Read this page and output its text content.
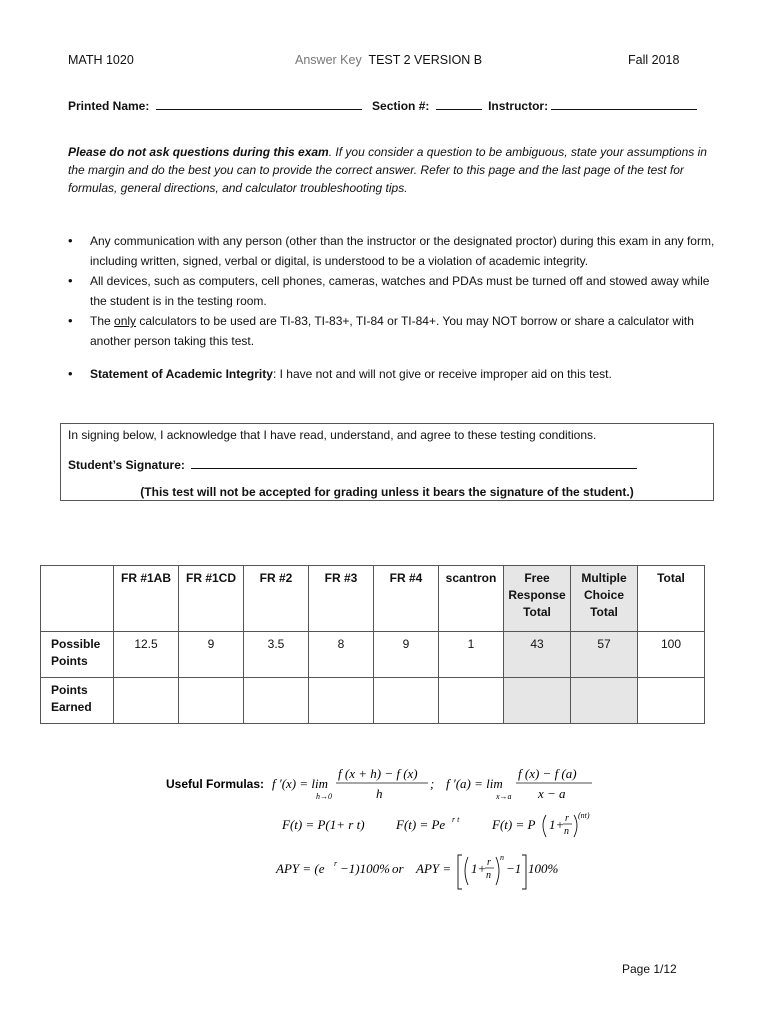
MATH 1020	Answer Key TEST 2 VERSION B	Fall 2018
Printed Name:	Section #:	Instructor:
Please do not ask questions during this exam. If you consider a question to be ambiguous, state your assumptions in the margin and do the best you can to provide the correct answer. Refer to this page and the last page of the test for formulas, general directions, and calculator troubleshooting tips.
• Any communication with any person (other than the instructor or the designated proctor) during this exam in any form, including written, signed, verbal or digital, is understood to be a violation of academic integrity.
• All devices, such as computers, cell phones, cameras, watches and PDAs must be turned off and stowed away while the student is in the testing room.
• The only calculators to be used are TI-83, TI-83+, TI-84 or TI-84+. You may NOT borrow or share a calculator with another person taking this test.
• Statement of Academic Integrity: I have not and will not give or receive improper aid on this test.
In signing below, I acknowledge that I have read, understand, and agree to these testing conditions.
Student’s Signature:
(This test will not be accepted for grading unless it bears the signature of the student.)
	FR #1AB	FR #1CD	FR #2	FR #3	FR #4	scantron	Free Response Total	Multiple Choice Total	Total
Possible Points	12.5	9	3.5	8	9	1	43	57	100
Points Earned									
Useful Formulas: f ′(x) = lim
h→0
f (x + h) − f (x)
h
; f ′(a) = lim
x→a
f (x) − f (a)
x − a
F(t) = P(1+ r t) F(t) = Pe r t	F(t) = P 1+ r
n
(nt)
APY = (e r −1)100% or APY = 1+ r
n
n
−1 100%
Page 1/12
